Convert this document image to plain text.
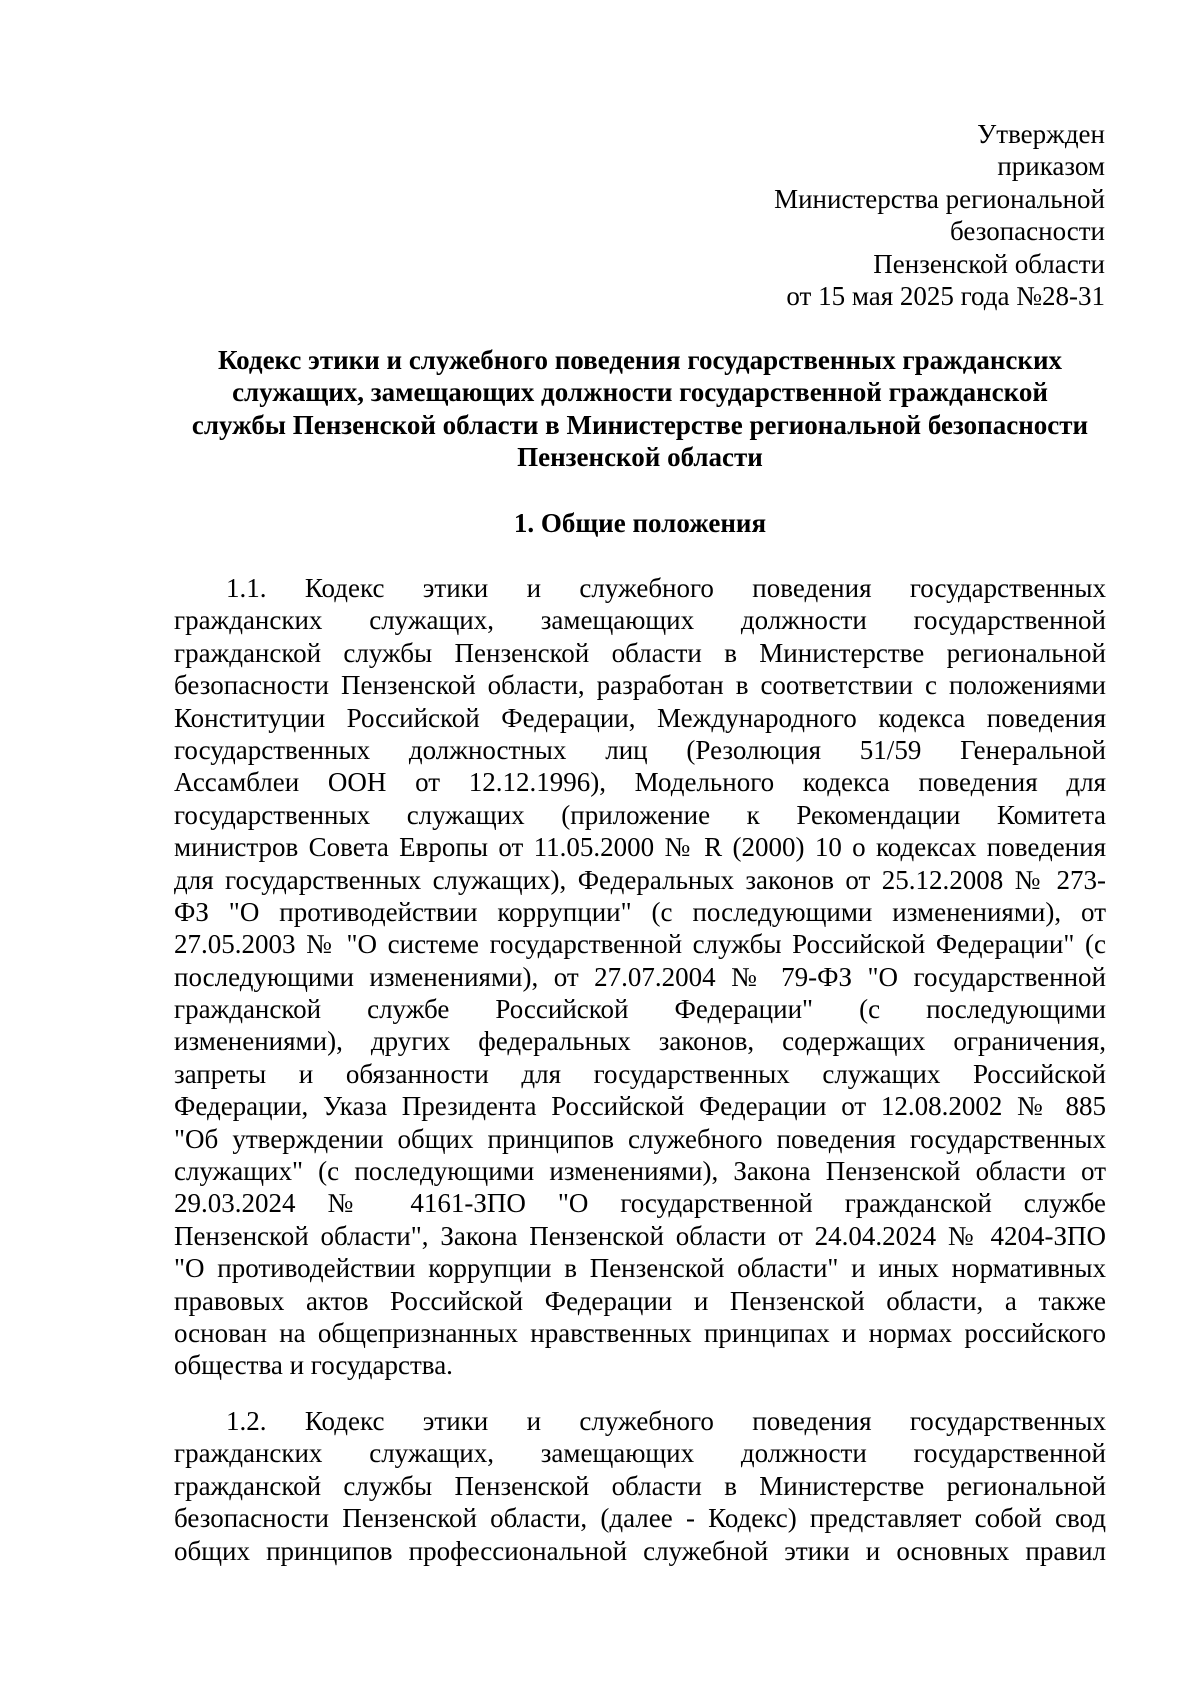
Утвержден
приказом
Министерства региональной
безопасности
Пензенской области
от 15 мая 2025 года №28-31
Кодекс этики и служебного поведения государственных гражданских
служащих, замещающих должности государственной гражданской
службы Пензенской области в Министерстве региональной безопасности
Пензенской области
1. Общие положения
1.1. Кодекс этики и служебного поведения государственных
гражданских служащих, замещающих должности государственной
гражданской службы Пензенской области в Министерстве региональной
безопасности Пензенской области, разработан в соответствии с положениями
Конституции Российской Федерации, Международного кодекса поведения
государственных должностных лиц (Резолюция 51/59 Генеральной
Ассамблеи ООН от 12.12.1996), Модельного кодекса поведения для
государственных служащих (приложение к Рекомендации Комитета
министров Совета Европы от 11.05.2000 № R (2000) 10 о кодексах поведения
для государственных служащих), Федеральных законов от 25.12.2008 № 273-
ФЗ "О противодействии коррупции" (с последующими изменениями), от
27.05.2003 № "О системе государственной службы Российской Федерации" (с
последующими изменениями), от 27.07.2004 № 79-ФЗ "О государственной
гражданской службе Российской Федерации" (с последующими
изменениями), других федеральных законов, содержащих ограничения,
запреты и обязанности для государственных служащих Российской
Федерации, Указа Президента Российской Федерации от 12.08.2002 № 885
"Об утверждении общих принципов служебного поведения государственных
служащих" (с последующими изменениями), Закона Пензенской области от
29.03.2024 № 4161-ЗПО "О государственной гражданской службе
Пензенской области", Закона Пензенской области от 24.04.2024 № 4204-ЗПО
"О противодействии коррупции в Пензенской области" и иных нормативных
правовых актов Российской Федерации и Пензенской области, а также
основан на общепризнанных нравственных принципах и нормах российского
общества и государства.
1.2. Кодекс этики и служебного поведения государственных
гражданских служащих, замещающих должности государственной
гражданской службы Пензенской области в Министерстве региональной
безопасности Пензенской области, (далее - Кодекс) представляет собой свод
общих принципов профессиональной служебной этики и основных правил
